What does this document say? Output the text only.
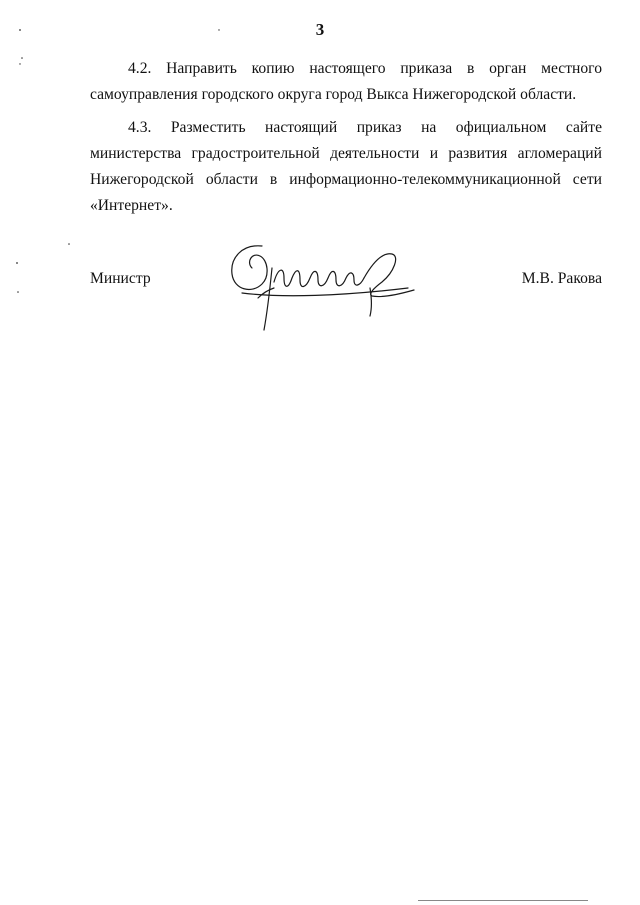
3

4.2. Направить копию настоящего приказа в орган местного самоуправления городского округа город Выкса Нижегородской области.

4.3. Разместить настоящий приказ на официальном сайте министерства градостроительной деятельности и развития агломераций Нижегородской области в информационно-телекоммуникационной сети «Интернет».

Министр	М.В. Ракова
